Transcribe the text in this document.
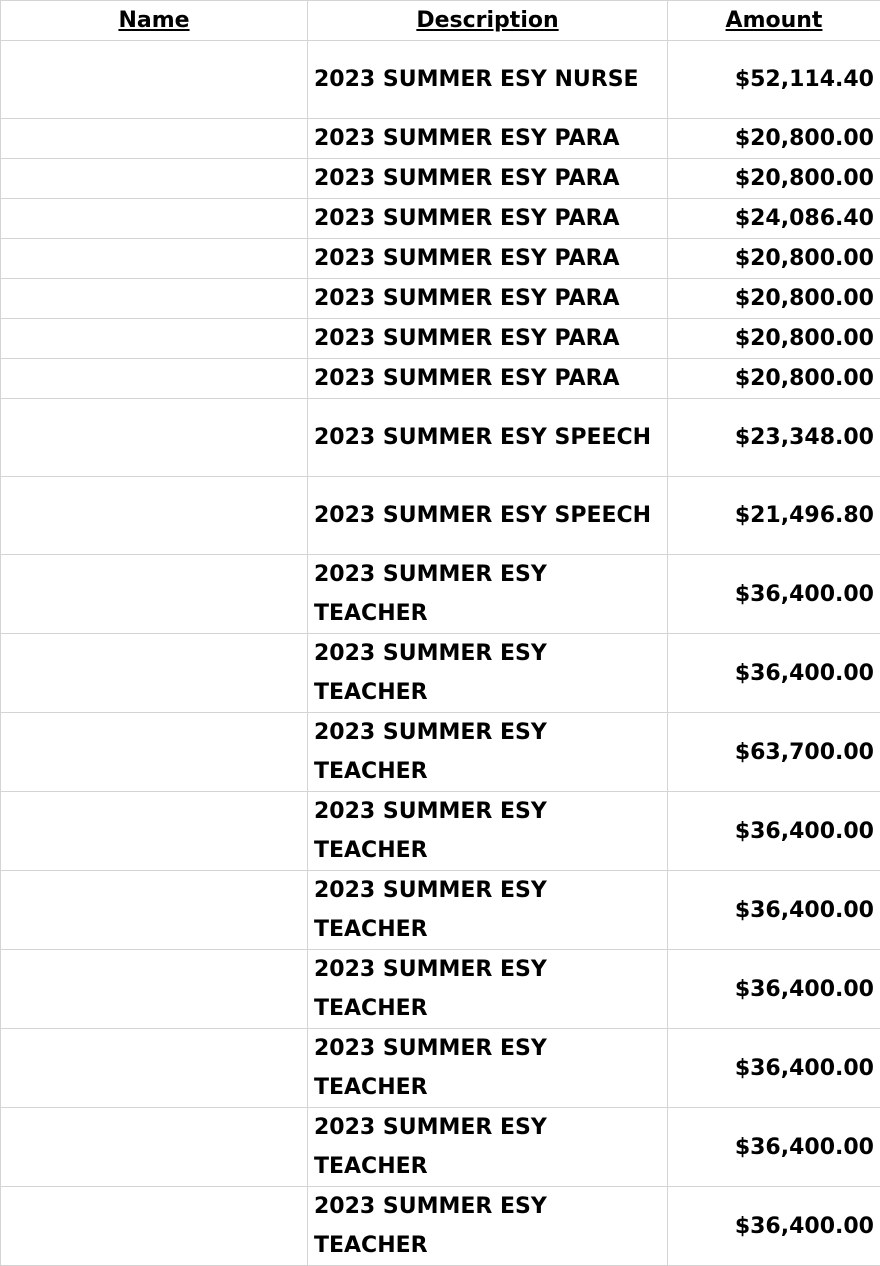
Name	Description	Amount
	2023 SUMMER ESY NURSE	$52,114.40
	2023 SUMMER ESY PARA	$20,800.00
	2023 SUMMER ESY PARA	$20,800.00
	2023 SUMMER ESY PARA	$24,086.40
	2023 SUMMER ESY PARA	$20,800.00
	2023 SUMMER ESY PARA	$20,800.00
	2023 SUMMER ESY PARA	$20,800.00
	2023 SUMMER ESY PARA	$20,800.00
	2023 SUMMER ESY SPEECH	$23,348.00
	2023 SUMMER ESY SPEECH	$21,496.80
	2023 SUMMER ESY TEACHER	$36,400.00
	2023 SUMMER ESY TEACHER	$36,400.00
	2023 SUMMER ESY TEACHER	$63,700.00
	2023 SUMMER ESY TEACHER	$36,400.00
	2023 SUMMER ESY TEACHER	$36,400.00
	2023 SUMMER ESY TEACHER	$36,400.00
	2023 SUMMER ESY TEACHER	$36,400.00
	2023 SUMMER ESY TEACHER	$36,400.00
	2023 SUMMER ESY TEACHER	$36,400.00
